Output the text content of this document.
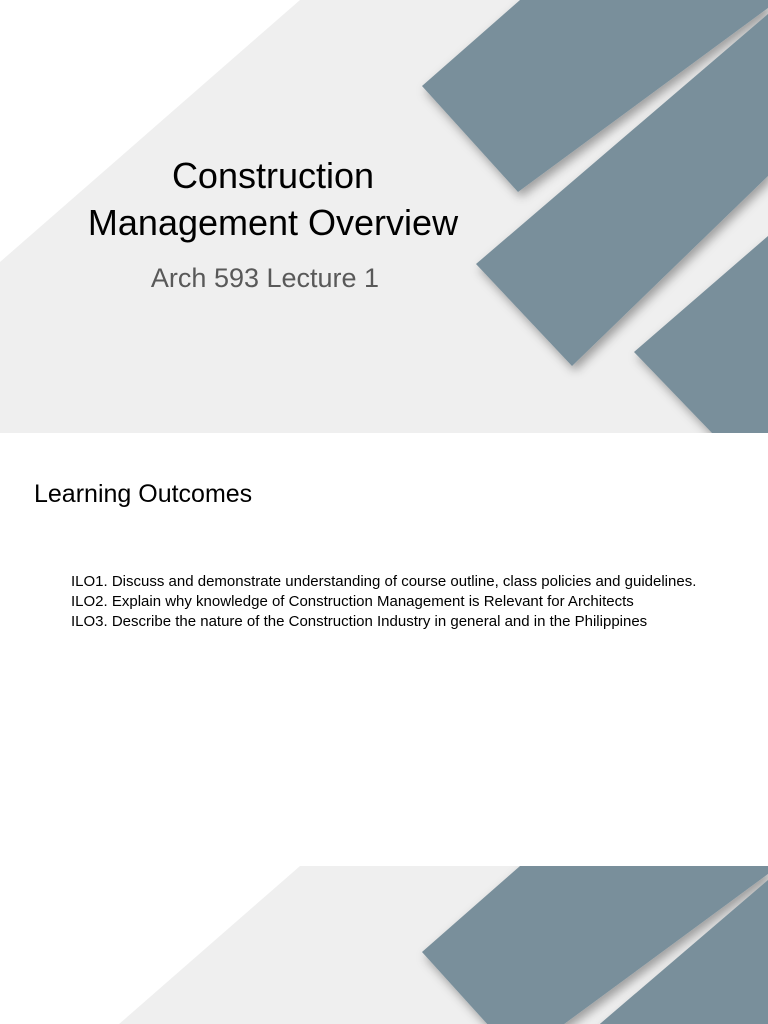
Construction
Management Overview
Arch 593 Lecture 1
Learning Outcomes
ILO1. Discuss and demonstrate understanding of course outline, class policies and guidelines.
ILO2. Explain why knowledge of Construction Management is Relevant for Architects
ILO3. Describe the nature of the Construction Industry in general and in the Philippines
